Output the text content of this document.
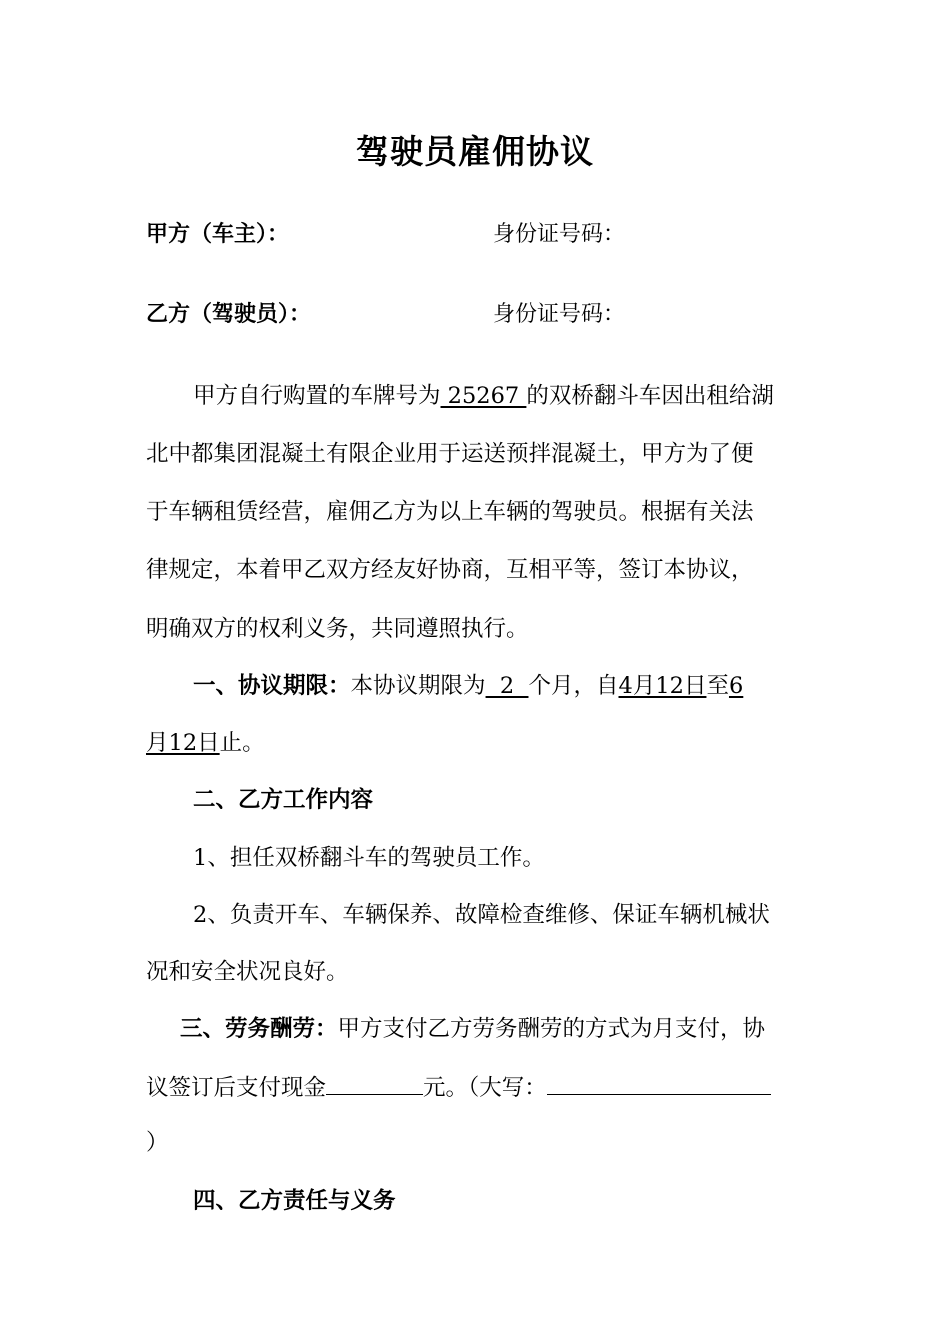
驾驶员雇佣协议
甲方（车主）：	身份证号码：
乙方（驾驶员）：	身份证号码：
甲方自行购置的车牌号为 25267 的双桥翻斗车因出租给湖
北中都集团混凝土有限企业用于运送预拌混凝土，甲方为了便
于车辆租赁经营，雇佣乙方为以上车辆的驾驶员。根据有关法
律规定，本着甲乙双方经友好协商，互相平等，签订本协议，
明确双方的权利义务，共同遵照执行。
一、协议期限：本协议期限为  2  个月，自4月12日至6
月12日止。
二、乙方工作内容
1、担任双桥翻斗车的驾驶员工作。
2、负责开车、车辆保养、故障检查维修、保证车辆机械状
况和安全状况良好。
三、劳务酬劳：甲方支付乙方劳务酬劳的方式为月支付，协
议签订后支付现金	元。（大写：
）
四、乙方责任与义务
